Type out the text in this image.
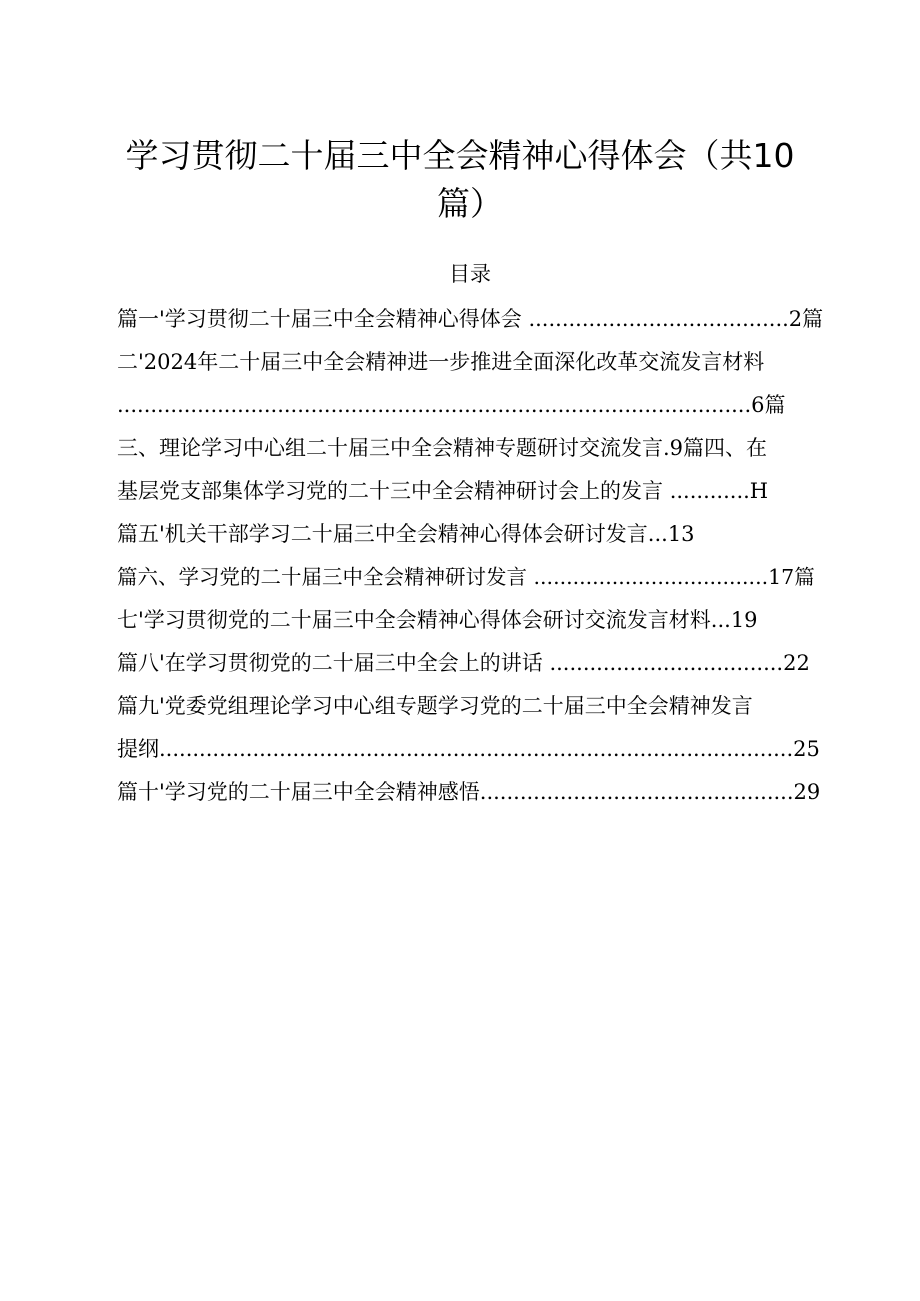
学习贯彻二十届三中全会精神心得体会（共10
篇）
目录
篇一'学习贯彻二十届三中全会精神心得体会 .......................................2篇
二'2024年二十届三中全会精神进一步推进全面深化改革交流发言材料
...............................................................................................6篇
三、理论学习中心组二十届三中全会精神专题研讨交流发言.9篇四、在
基层党支部集体学习党的二十三中全会精神研讨会上的发言 ............H
篇五'机关干部学习二十届三中全会精神心得体会研讨发言...13
篇六、学习党的二十届三中全会精神研讨发言 ....................................17篇
七'学习贯彻党的二十届三中全会精神心得体会研讨交流发言材料...19
篇八'在学习贯彻党的二十届三中全会上的讲话 ...................................22
篇九'党委党组理论学习中心组专题学习党的二十届三中全会精神发言
提纲...............................................................................................25
篇十'学习党的二十届三中全会精神感悟...............................................29
